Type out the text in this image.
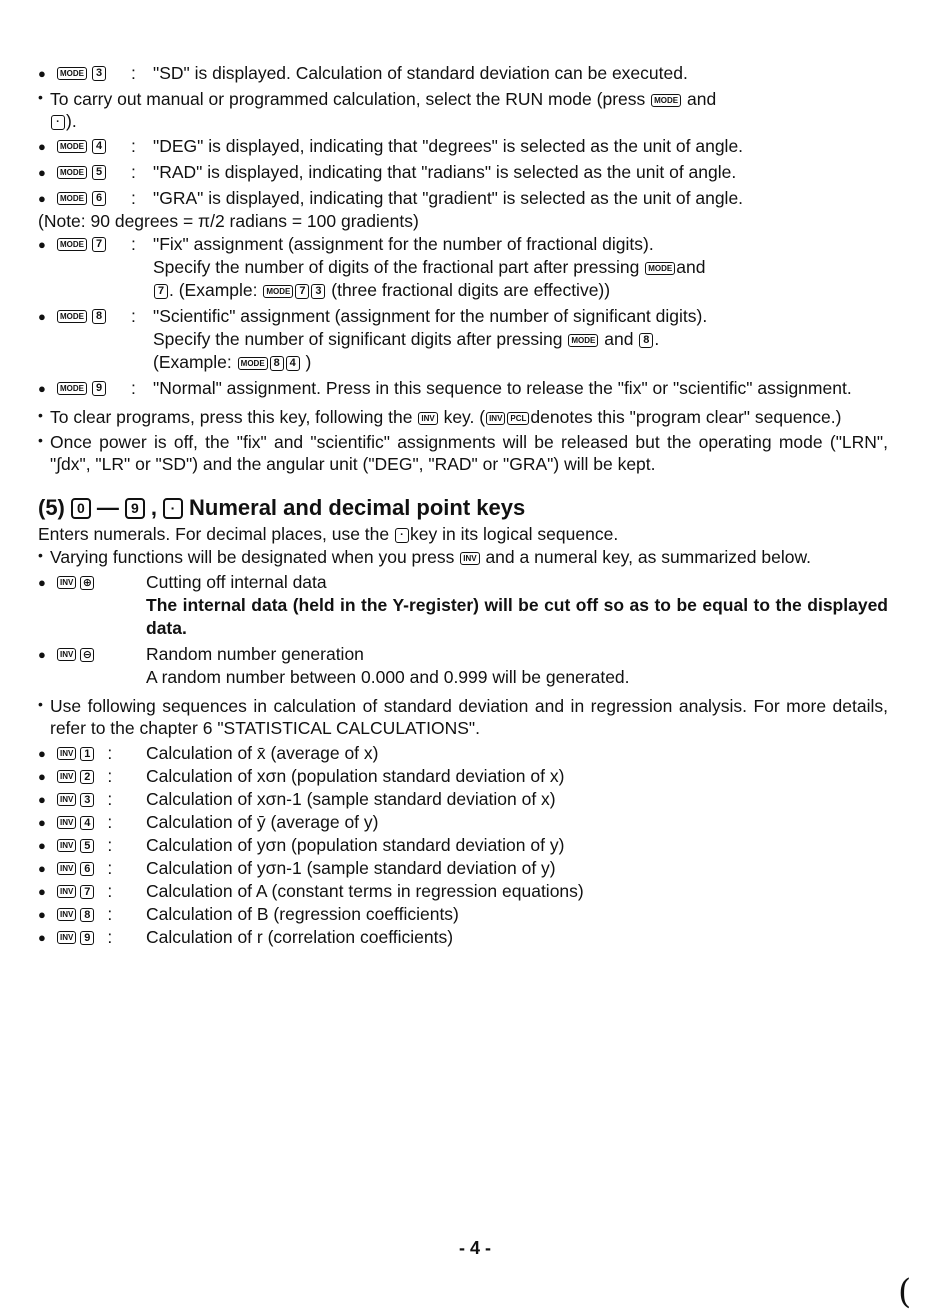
●	MODE	3 : "SD" is displayed. Calculation of standard deviation can be executed.
• To carry out manual or programmed calculation, select the RUN mode (press MODE and
· ).
●	MODE	4 : "DEG" is displayed, indicating that "degrees" is selected as the unit of angle.
●	MODE	5 : "RAD" is displayed, indicating that "radians" is selected as the unit of angle.
●	MODE	6 : "GRA" is displayed, indicating that "gradient" is selected as the unit of angle.
(Note: 90 degrees = π/2 radians = 100 gradients)
●	MODE	7 : "Fix" assignment (assignment for the number of fractional digits).
Specify the number of digits of the fractional part after pressing MODE and
7 . (Example: MODE 7 3 (three fractional digits are effective))
●	MODE	8 : "Scientific" assignment (assignment for the number of significant digits).
Specify the number of significant digits after pressing MODE and 8 .
(Example: MODE 8 4 )
●	MODE	9 : "Normal" assignment. Press in this sequence to release the "fix" or "scientific" assignment.
• To clear programs, press this key, following the INV key. ( INV PCL denotes this "program clear" sequence.)
• Once power is off, the "fix" and "scientific" assignments will be released but the operating mode ("LRN", "∫dx", "LR" or "SD") and the angular unit ("DEG", "RAD" or "GRA") will be kept.
(5) 0 — 9 , · Numeral and decimal point keys
Enters numerals. For decimal places, use the · key in its logical sequence.
• Varying functions will be designated when you press INV and a numeral key, as summarized below.
●	INV ⊕	Cutting off internal data
The internal data (held in the Y-register) will be cut off so as to be equal to the displayed data.
●	INV ⊖	Random number generation
A random number between 0.000 and 0.999 will be generated.
• Use following sequences in calculation of standard deviation and in regression analysis. For more details, refer to the chapter 6 "STATISTICAL CALCULATIONS".
●	INV 1 : Calculation of x̄ (average of x)
●	INV 2 : Calculation of xσn (population standard deviation of x)
●	INV 3 : Calculation of xσn-1 (sample standard deviation of x)
●	INV 4 : Calculation of ȳ (average of y)
●	INV 5 : Calculation of yσn (population standard deviation of y)
●	INV 6 : Calculation of yσn-1 (sample standard deviation of y)
●	INV 7 : Calculation of A (constant terms in regression equations)
●	INV 8 : Calculation of B (regression coefficients)
●	INV 9 : Calculation of r (correlation coefficients)
- 4 -
(
